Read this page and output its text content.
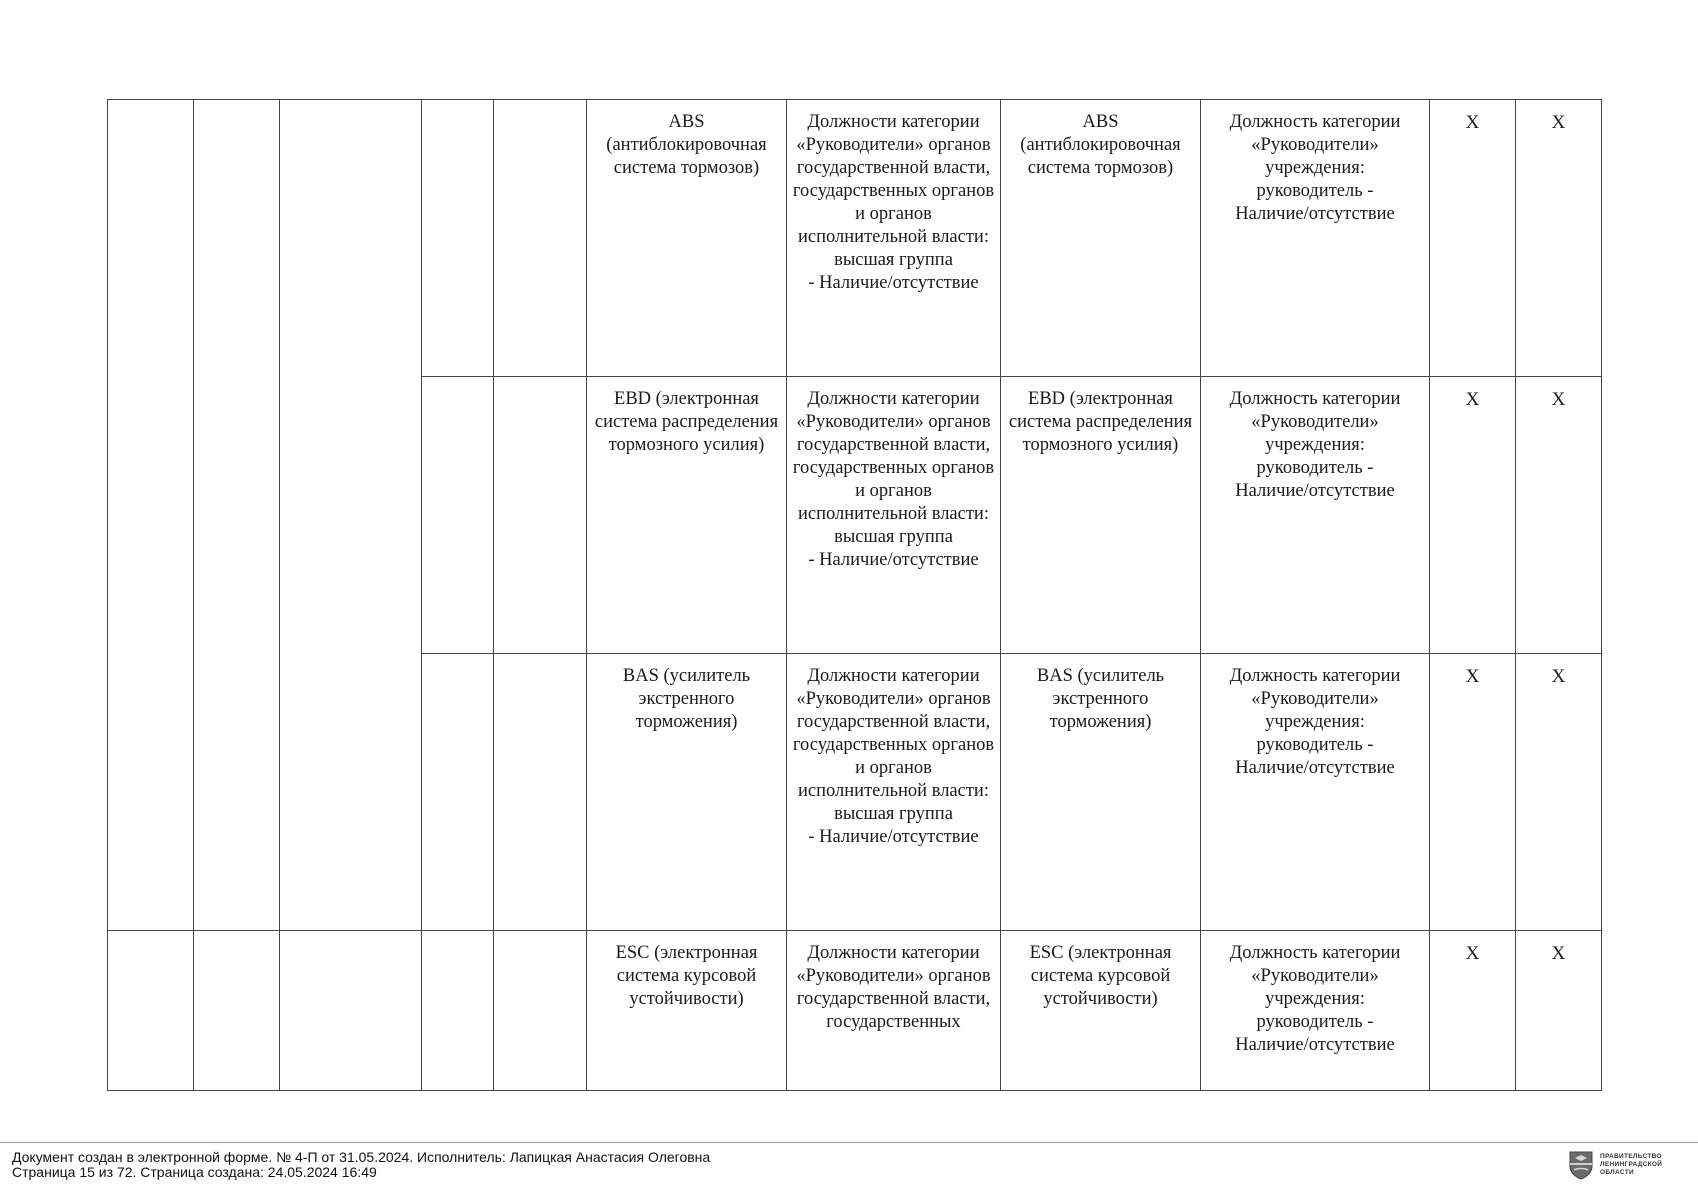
					ABS
(антиблокировочная система тормозов)	Должности категории «Руководители» органов государственной власти, государственных органов и органов исполнительной власти:
высшая группа
- Наличие/отсутствие	ABS
(антиблокировочная система тормозов)	Должность категории «Руководители» учреждения:
руководитель -
Наличие/отсутствие	X	X

					EBD (электронная система распределения тормозного усилия)	Должности категории «Руководители» органов государственной власти, государственных органов и органов исполнительной власти:
высшая группа
- Наличие/отсутствие	EBD (электронная система распределения тормозного усилия)	Должность категории «Руководители» учреждения:
руководитель -
Наличие/отсутствие	X	X

					BAS (усилитель экстренного торможения)	Должности категории «Руководители» органов государственной власти, государственных органов и органов исполнительной власти:
высшая группа
- Наличие/отсутствие	BAS (усилитель экстренного торможения)	Должность категории «Руководители» учреждения:
руководитель -
Наличие/отсутствие	X	X

					ESC (электронная система курсовой устойчивости)	Должности категории «Руководители» органов государственной власти, государственных	ESC (электронная система курсовой устойчивости)	Должность категории «Руководители» учреждения:
руководитель -
Наличие/отсутствие	X	X
Документ создан в электронной форме. № 4-П от 31.05.2024. Исполнитель: Лапицкая Анастасия Олеговна
Страница 15 из 72. Страница создана: 24.05.2024 16:49
ПРАВИТЕЛЬСТВО
ЛЕНИНГРАДСКОЙ
ОБЛАСТИ
